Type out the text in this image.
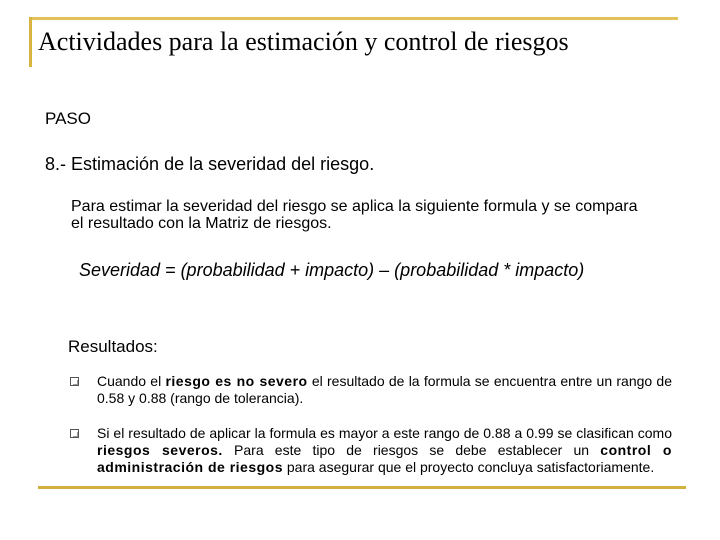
Actividades para la estimación y control de riesgos
PASO
8.- Estimación de la severidad del riesgo.
Para estimar la severidad del riesgo se aplica la siguiente formula y se compara el resultado con la Matriz de riesgos.
Severidad = (probabilidad + impacto) – (probabilidad * impacto)
Resultados:
Cuando el riesgo es no severo el resultado de la formula se encuentra entre un rango de 0.58 y 0.88 (rango de tolerancia).
Si el resultado de aplicar la formula es mayor a este rango de 0.88 a 0.99 se clasifican como riesgos severos. Para este tipo de riesgos se debe establecer un control o administración de riesgos para asegurar que el proyecto concluya satisfactoriamente.
